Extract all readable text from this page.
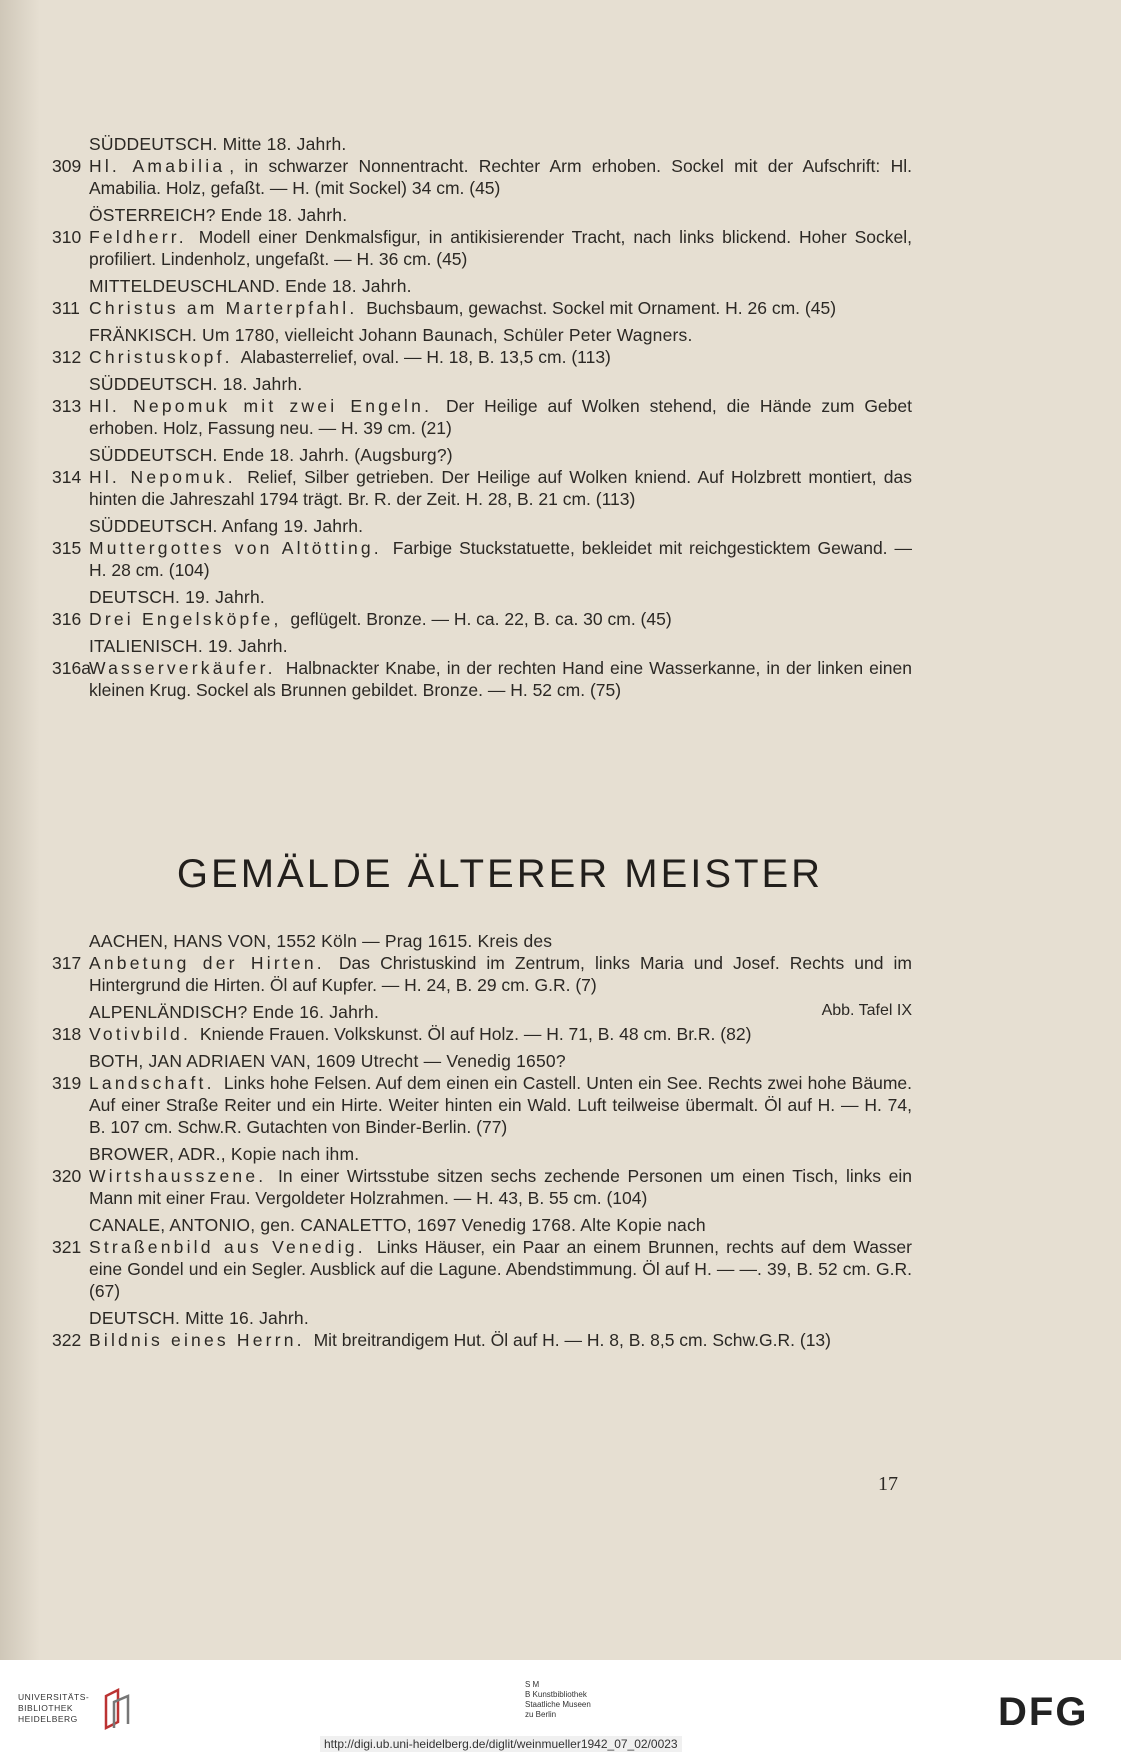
SÜDDEUTSCH. Mitte 18. Jahrh.
309 Hl. Amabilia , in schwarzer Nonnentracht. Rechter Arm erhoben. Sockel mit der Aufschrift: Hl. Amabilia. Holz, gefaßt. — H. (mit Sockel) 34 cm. (45)
ÖSTERREICH? Ende 18. Jahrh.
310 Feldherr. Modell einer Denkmalsfigur, in antikisierender Tracht, nach links blickend. Hoher Sockel, profiliert. Lindenholz, ungefaßt. — H. 36 cm. (45)
MITTELDEUSCHLAND. Ende 18. Jahrh.
311 Christus am Marterpfahl. Buchsbaum, gewachst. Sockel mit Ornament. H. 26 cm. (45)
FRÄNKISCH. Um 1780, vielleicht Johann Baunach, Schüler Peter Wagners.
312 Christuskopf. Alabasterrelief, oval. — H. 18, B. 13,5 cm. (113)
SÜDDEUTSCH. 18. Jahrh.
313 Hl. Nepomuk mit zwei Engeln. Der Heilige auf Wolken stehend, die Hände zum Gebet erhoben. Holz, Fassung neu. — H. 39 cm. (21)
SÜDDEUTSCH. Ende 18. Jahrh. (Augsburg?)
314 Hl. Nepomuk. Relief, Silber getrieben. Der Heilige auf Wolken kniend. Auf Holzbrett montiert, das hinten die Jahreszahl 1794 trägt. Br. R. der Zeit. H. 28, B. 21 cm. (113)
SÜDDEUTSCH. Anfang 19. Jahrh.
315 Muttergottes von Altötting. Farbige Stuckstatuette, bekleidet mit reichgesticktem Gewand. — H. 28 cm. (104)
DEUTSCH. 19. Jahrh.
316 Drei Engelsköpfe, geflügelt. Bronze. — H. ca. 22, B. ca. 30 cm. (45)
ITALIENISCH. 19. Jahrh.
316a
Wasserverkäufer. Halbnackter Knabe, in der rechten Hand eine Wasserkanne, in der linken einen kleinen Krug. Sockel als Brunnen gebildet. Bronze. — H. 52 cm. (75)
GEMÄLDE ÄLTERER MEISTER
AACHEN, HANS VON, 1552 Köln — Prag 1615. Kreis des
317 Anbetung der Hirten. Das Christuskind im Zentrum, links Maria und Josef. Rechts und im Hintergrund die Hirten. Öl auf Kupfer. — H. 24, B. 29 cm. G.R. (7)
ALPENLÄNDISCH? Ende 16. Jahrh.	Abb. Tafel IX
318 Votivbild. Kniende Frauen. Volkskunst. Öl auf Holz. — H. 71, B. 48 cm. Br.R. (82)
BOTH, JAN ADRIAEN VAN, 1609 Utrecht — Venedig 1650?
319 Landschaft. Links hohe Felsen. Auf dem einen ein Castell. Unten ein See. Rechts zwei hohe Bäume. Auf einer Straße Reiter und ein Hirte. Weiter hinten ein Wald. Luft teilweise übermalt. Öl auf H. — H. 74, B. 107 cm. Schw.R. Gutachten von Binder-Berlin. (77)
BROWER, ADR., Kopie nach ihm.
320 Wirtshausszene. In einer Wirtsstube sitzen sechs zechende Personen um einen Tisch, links ein Mann mit einer Frau. Vergoldeter Holzrahmen. — H. 43, B. 55 cm. (104)
CANALE, ANTONIO, gen. CANALETTO, 1697 Venedig 1768. Alte Kopie nach
321 Straßenbild aus Venedig. Links Häuser, ein Paar an einem Brunnen, rechts auf dem Wasser eine Gondel und ein Segler. Ausblick auf die Lagune. Abendstimmung. Öl auf H. — —. 39, B. 52 cm. G.R. (67)
DEUTSCH. Mitte 16. Jahrh.
322 Bildnis eines Herrn. Mit breitrandigem Hut. Öl auf H. — H. 8, B. 8,5 cm. Schw.G.R. (13)
17
UNIVERSITÄTS-
BIBLIOTHEK
HEIDELBERG
S M
B Kunstbibliothek
Staatliche Museen
zu Berlin	DFG
http://digi.ub.uni-heidelberg.de/diglit/weinmueller1942_07_02/0023
